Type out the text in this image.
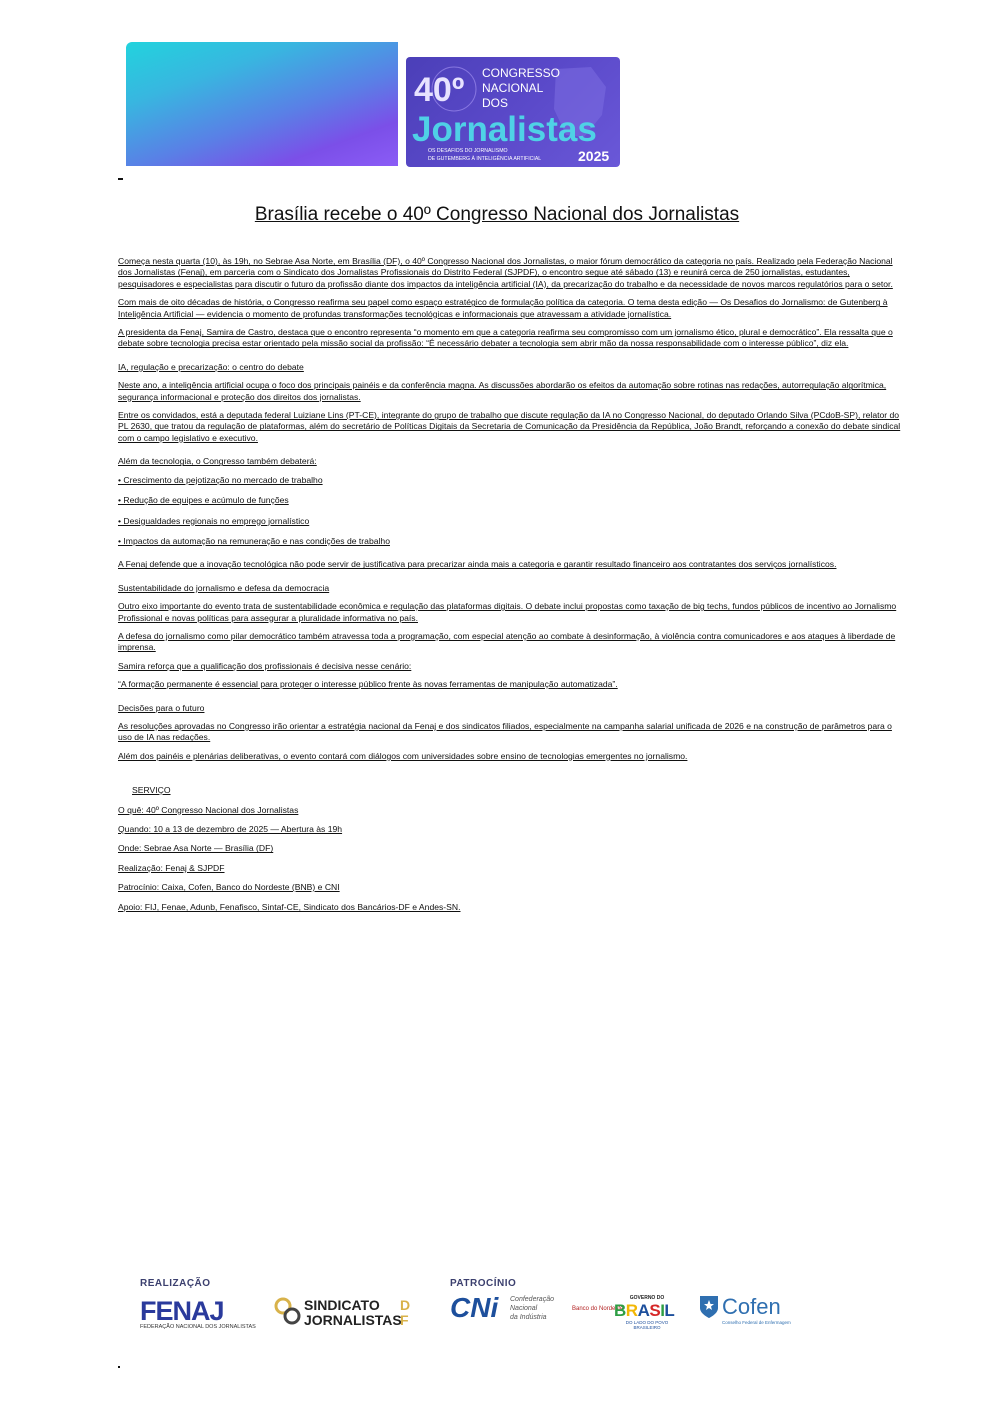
40º CONGRESSO
NACIONAL
DOS
Jornalistas
OS DESAFIOS DO JORNALISMO
DE GUTEMBERG À INTELIGÊNCIA ARTIFICIAL	2025
Brasília recebe o 40º Congresso Nacional dos Jornalistas

Começa nesta quarta (10), às 19h, no Sebrae Asa Norte, em Brasília (DF), o 40º Congresso Nacional dos Jornalistas, o maior fórum democrático da categoria no país. Realizado pela Federação Nacional dos Jornalistas (Fenaj), em parceria com o Sindicato dos Jornalistas Profissionais do Distrito Federal (SJPDF), o encontro segue até sábado (13) e reunirá cerca de 250 jornalistas, estudantes, pesquisadores e especialistas para discutir o futuro da profissão diante dos impactos da inteligência artificial (IA), da precarização do trabalho e da necessidade de novos marcos regulatórios para o setor.

Com mais de oito décadas de história, o Congresso reafirma seu papel como espaço estratégico de formulação política da categoria. O tema desta edição — Os Desafios do Jornalismo: de Gutenberg à Inteligência Artificial — evidencia o momento de profundas transformações tecnológicas e informacionais que atravessam a atividade jornalística.

A presidenta da Fenaj, Samira de Castro, destaca que o encontro representa “o momento em que a categoria reafirma seu compromisso com um jornalismo ético, plural e democrático”. Ela ressalta que o debate sobre tecnologia precisa estar orientado pela missão social da profissão: “É necessário debater a tecnologia sem abrir mão da nossa responsabilidade com o interesse público”, diz ela.

IA, regulação e precarização: o centro do debate

Neste ano, a inteligência artificial ocupa o foco dos principais painéis e da conferência magna. As discussões abordarão os efeitos da automação sobre rotinas nas redações, autorregulação algorítmica, segurança informacional e proteção dos direitos dos jornalistas.

Entre os convidados, está a deputada federal Luiziane Lins (PT-CE), integrante do grupo de trabalho que discute regulação da IA no Congresso Nacional, do deputado Orlando Silva (PCdoB-SP), relator do PL 2630, que tratou da regulação de plataformas, além do secretário de Políticas Digitais da Secretaria de Comunicação da Presidência da República, João Brandt, reforçando a conexão do debate sindical com o campo legislativo e executivo.

Além da tecnologia, o Congresso também debaterá:

• Crescimento da pejotização no mercado de trabalho

• Redução de equipes e acúmulo de funções

• Desigualdades regionais no emprego jornalístico

• Impactos da automação na remuneração e nas condições de trabalho

A Fenaj defende que a inovação tecnológica não pode servir de justificativa para precarizar ainda mais a categoria e garantir resultado financeiro aos contratantes dos serviços jornalísticos.

Sustentabilidade do jornalismo e defesa da democracia

Outro eixo importante do evento trata de sustentabilidade econômica e regulação das plataformas digitais. O debate inclui propostas como taxação de big techs, fundos públicos de incentivo ao Jornalismo Profissional e novas políticas para assegurar a pluralidade informativa no país.

A defesa do jornalismo como pilar democrático também atravessa toda a programação, com especial atenção ao combate à desinformação, à violência contra comunicadores e aos ataques à liberdade de imprensa.

Samira reforça que a qualificação dos profissionais é decisiva nesse cenário:

“A formação permanente é essencial para proteger o interesse público frente às novas ferramentas de manipulação automatizada”.

Decisões para o futuro

As resoluções aprovadas no Congresso irão orientar a estratégia nacional da Fenaj e dos sindicatos filiados, especialmente na campanha salarial unificada de 2026 e na construção de parâmetros para o uso de IA nas redações.

Além dos painéis e plenárias deliberativas, o evento contará com diálogos com universidades sobre ensino de tecnologias emergentes no jornalismo.

SERVIÇO

O quê: 40º Congresso Nacional dos Jornalistas

Quando: 10 a 13 de dezembro de 2025 — Abertura às 19h

Onde: Sebrae Asa Norte — Brasília (DF)

Realização: Fenaj & SJPDF

Patrocínio: Caixa, Cofen, Banco do Nordeste (BNB) e CNI

Apoio: FIJ, Fenae, Adunb, Fenafisco, Sintaf-CE, Sindicato dos Bancários-DF e Andes-SN.

REALIZAÇÃO	PATROCÍNIO
FENAJ
FEDERAÇÃO NACIONAL DOS JORNALISTAS
SINDICATO
JORNALISTAS
D
F CNi Confederação
Nacional
da Indústria
Banco do Nordeste
GOVERNO DO
BRASIL
DO LADO DO POVO BRASILEIRO
Cofen
Conselho Federal de Enfermagem
